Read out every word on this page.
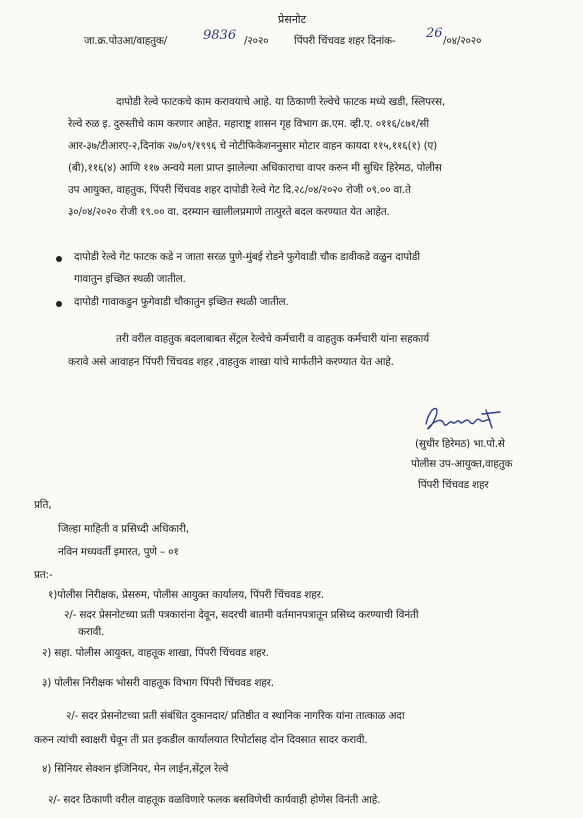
प्रेसनोट
जा.क्र.पोउआ/वाहतुक/	9836 /२०२० पिंपरी चिंचवड शहर दिनांक- 26 /०४/२०२०
दापोडी रेल्वे फाटकचे काम करावयाचे आहे. या ठिकाणी रेल्वेचे फाटक मध्ये खडी, स्लिपरस,
रेल्वे रुळ इ. दुरुस्तीचे काम करणार आहेत. महाराष्ट्र शासन गृह विभाग क्र.एम. व्ही.ए. ०११६/८७१/सी
आर-३७/टीआरए-२,दिनांक २७/०९/१९९६ चे नोटीफिकेशननुसार मोटार वाहन कायदा ११५,११६(१) (ए)
(बी),११६(४) आणि ११७ अन्वये मला प्राप्त झालेल्या अधिकाराचा वापर करुन मी सुधिर हिरेमठ, पोलीस
उप आयुक्त, वाहतुक, पिंपरी चिंचवड शहर दापोडी रेल्वे गेट दि.२८/०४/२०२० रोजी ०९.०० वा.ते
३०/०४/२०२० रोजी १९.०० वा. दरम्यान खालीलप्रमाणे तात्पुरते बदल करण्यात येत आहेत.
दापोडी रेल्वे गेट फाटक कडे न जाता सरळ पुणे-मुंबई रोडने फुगेवाडी चौक डावीकडे वळुन दापोडी
गावातुन इच्छित स्थळी जातील.
दापोडी गावाकडुन फुगेवाडी चौकातुन इच्छित स्थळी जातील.
तरी वरील वाहतुक बदलाबाबत सेंट्रल रेल्वेचे कर्मचारी व वाहतुक कर्मचारी यांना सहकार्य
करावे असे आवाहन पिंपरी चिंचवड शहर ,वाहतुक शाखा यांचे मार्फतीने करण्यात येत आहे.
(सुधीर हिरेमठ) भा.पो.से
पोलीस उप-आयुक्त,वाहतुक
पिंपरी चिंचवड शहर
प्रति,
जिल्हा माहिती व प्रसिध्दी अधिकारी,
नविन मध्यवर्ती इमारत, पुणे – ०१
प्रत:-
१)पोलीस निरीक्षक, प्रेसरुम, पोलीस आयुक्त कार्यालय, पिंपरी चिंचवड शहर.
२/- सदर प्रेसनोटच्या प्रती पत्रकारांना देवून, सदरची बातमी वर्तमानपत्रातून प्रसिध्द करण्याची विनंती
करावी.
२) सहा. पोलीस आयुक्त, वाहतूक शाखा, पिंपरी चिंचवड शहर.
३) पोलीस निरीक्षक भोसरी वाहतूक विभाग पिंपरी चिंचवड शहर.
२/- सदर प्रेसनोटच्या प्रती संबंधित दुकानदार/ प्रतिष्ठीत व स्थानिक नागरिक यांना तात्काळ अदा
करुन त्यांची स्वाक्षरी घेवून ती प्रत इकडील कार्यालयात रिपोर्टासह दोन दिवसात सादर करावी.
४) सिनियर सेक्शन इंजिनियर, मेन लाईन,सेंट्रल रेल्वे
२/- सदर ठिकाणी वरील वाहतूक वळविणारे फलक बसविणेची कार्यवाही होणेस विनंती आहे.
